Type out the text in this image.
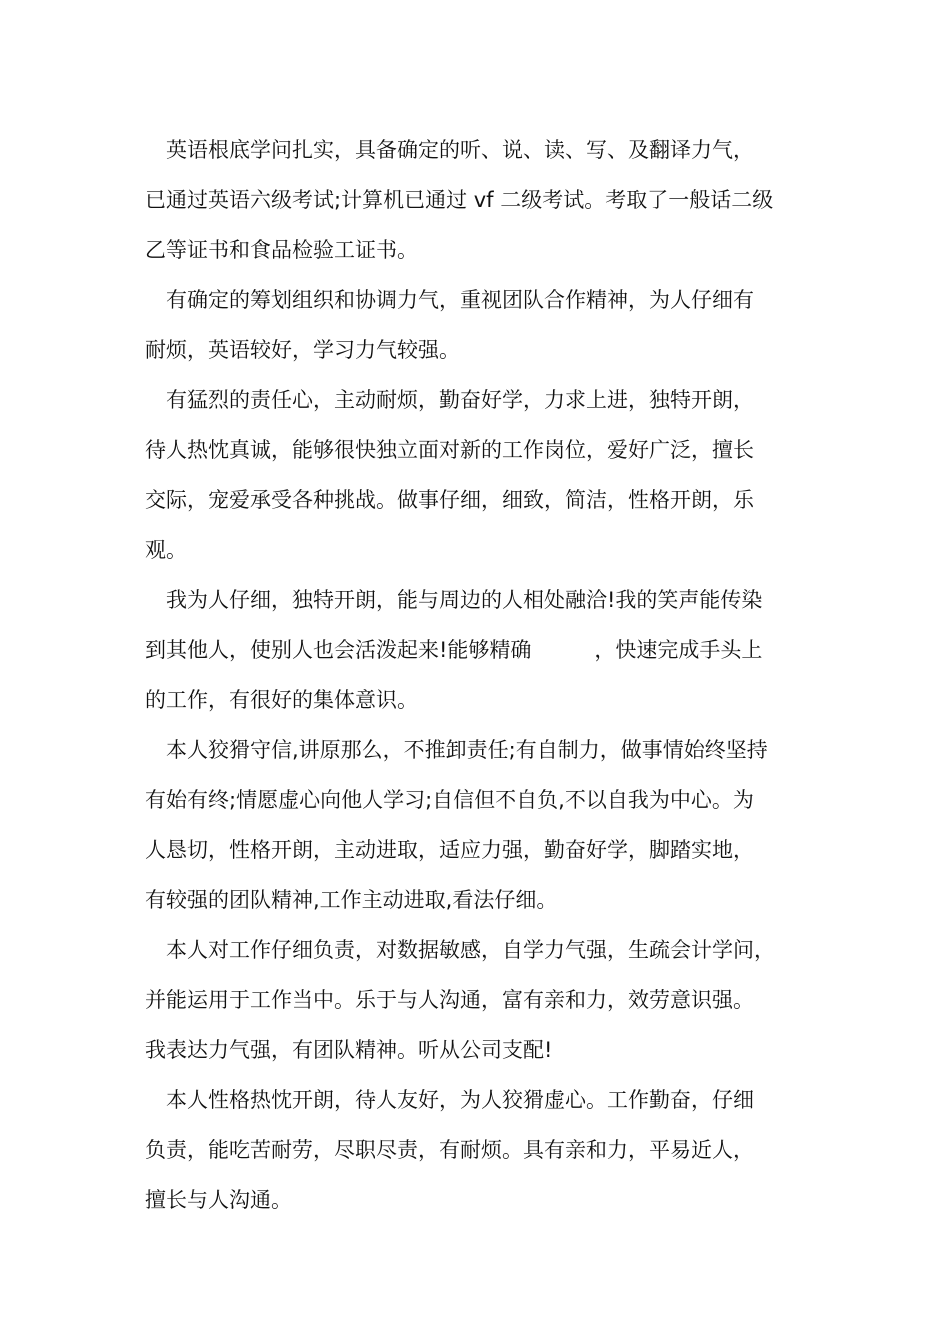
英语根底学问扎实，具备确定的听、说、读、写、及翻译力气，

已通过英语六级考试;计算机已通过 vf 二级考试。考取了一般话二级

乙等证书和食品检验工证书。

有确定的筹划组织和协调力气，重视团队合作精神，为人仔细有

耐烦，英语较好，学习力气较强。

有猛烈的责任心，主动耐烦，勤奋好学，力求上进，独特开朗，

待人热忱真诚，能够很快独立面对新的工作岗位，爱好广泛，擅长

交际，宠爱承受各种挑战。做事仔细，细致，简洁，性格开朗，乐

观。

我为人仔细，独特开朗，能与周边的人相处融洽!我的笑声能传染

到其他人，使别人也会活泼起来!能够精确　　　，快速完成手头上

的工作，有很好的集体意识。

本人狡猾守信,讲原那么，不推卸责任;有自制力，做事情始终坚持

有始有终;情愿虚心向他人学习;自信但不自负,不以自我为中心。为

人恳切，性格开朗，主动进取，适应力强，勤奋好学，脚踏实地，

有较强的团队精神,工作主动进取,看法仔细。

本人对工作仔细负责，对数据敏感，自学力气强，生疏会计学问，

并能运用于工作当中。乐于与人沟通，富有亲和力，效劳意识强。

我表达力气强，有团队精神。听从公司支配!

本人性格热忱开朗，待人友好，为人狡猾虚心。工作勤奋，仔细

负责，能吃苦耐劳，尽职尽责，有耐烦。具有亲和力，平易近人，

擅长与人沟通。
